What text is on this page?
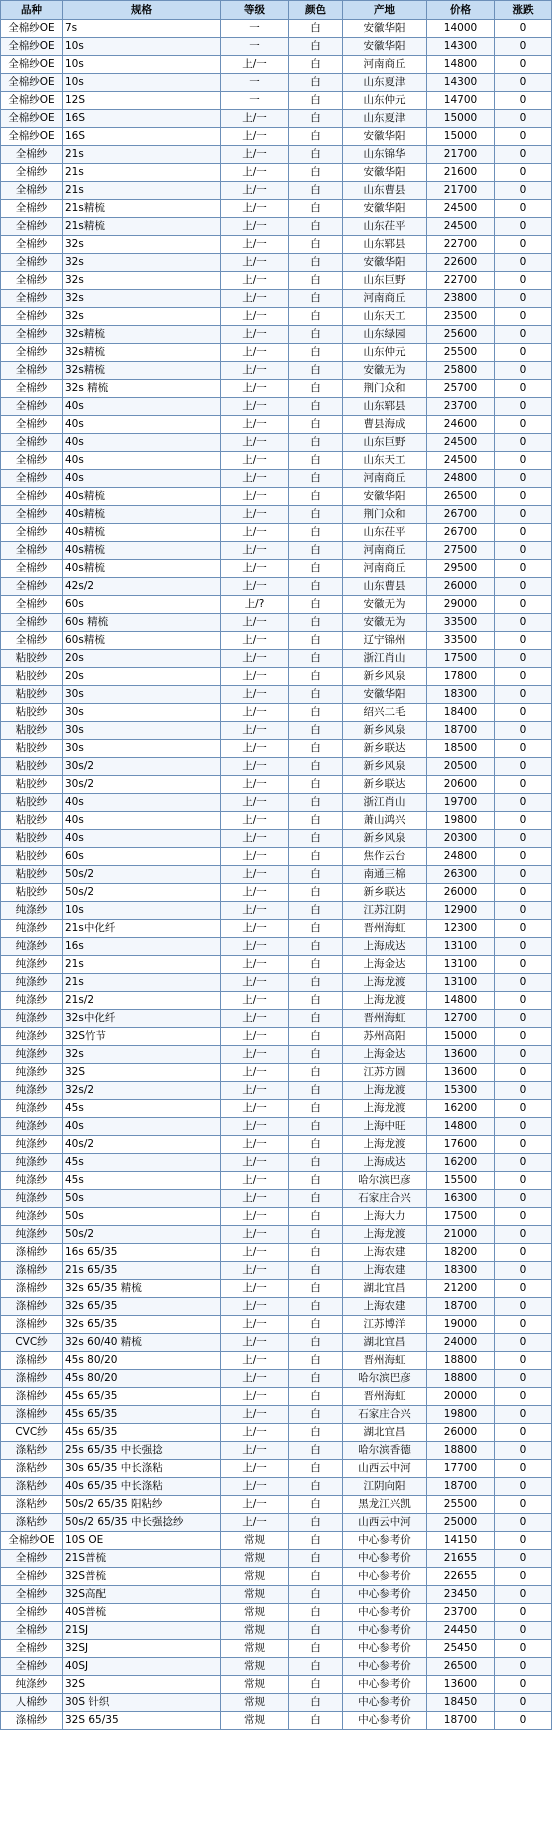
品种	规格	等级	颜色	产地	价格	涨跌
全棉纱OE	7s	一	白	安徽华阳	14000	0
全棉纱OE	10s	一	白	安徽华阳	14300	0
全棉纱OE	10s	上/一	白	河南商丘	14800	0
全棉纱OE	10s	一	白	山东夏津	14300	0
全棉纱OE	12S	一	白	山东仲元	14700	0
全棉纱OE	16S	上/一	白	山东夏津	15000	0
全棉纱OE	16S	上/一	白	安徽华阳	15000	0
全棉纱	21s	上/一	白	山东锦华	21700	0
全棉纱	21s	上/一	白	安徽华阳	21600	0
全棉纱	21s	上/一	白	山东曹县	21700	0
全棉纱	21s精梳	上/一	白	安徽华阳	24500	0
全棉纱	21s精梳	上/一	白	山东茌平	24500	0
全棉纱	32s	上/一	白	山东郓县	22700	0
全棉纱	32s	上/一	白	安徽华阳	22600	0
全棉纱	32s	上/一	白	山东巨野	22700	0
全棉纱	32s	上/一	白	河南商丘	23800	0
全棉纱	32s	上/一	白	山东天工	23500	0
全棉纱	32s精梳	上/一	白	山东绿园	25600	0
全棉纱	32s精梳	上/一	白	山东仲元	25500	0
全棉纱	32s精梳	上/一	白	安徽无为	25800	0
全棉纱	32s 精梳	上/一	白	荆门众和	25700	0
全棉纱	40s	上/一	白	山东郓县	23700	0
全棉纱	40s	上/一	白	曹县海成	24600	0
全棉纱	40s	上/一	白	山东巨野	24500	0
全棉纱	40s	上/一	白	山东天工	24500	0
全棉纱	40s	上/一	白	河南商丘	24800	0
全棉纱	40s精梳	上/一	白	安徽华阳	26500	0
全棉纱	40s精梳	上/一	白	荆门众和	26700	0
全棉纱	40s精梳	上/一	白	山东茌平	26700	0
全棉纱	40s精梳	上/一	白	河南商丘	27500	0
全棉纱	40s精梳	上/一	白	河南商丘	29500	0
全棉纱	42s/2	上/一	白	山东曹县	26000	0
全棉纱	60s	上/?	白	安徽无为	29000	0
全棉纱	60s 精梳	上/一	白	安徽无为	33500	0
全棉纱	60s精梳	上/一	白	辽宁锦州	33500	0
粘胶纱	20s	上/一	白	浙江肖山	17500	0
粘胶纱	20s	上/一	白	新乡风泉	17800	0
粘胶纱	30s	上/一	白	安徽华阳	18300	0
粘胶纱	30s	上/一	白	绍兴二毛	18400	0
粘胶纱	30s	上/一	白	新乡风泉	18700	0
粘胶纱	30s	上/一	白	新乡联达	18500	0
粘胶纱	30s/2	上/一	白	新乡风泉	20500	0
粘胶纱	30s/2	上/一	白	新乡联达	20600	0
粘胶纱	40s	上/一	白	浙江肖山	19700	0
粘胶纱	40s	上/一	白	萧山鸿兴	19800	0
粘胶纱	40s	上/一	白	新乡风泉	20300	0
粘胶纱	60s	上/一	白	焦作云台	24800	0
粘胶纱	50s/2	上/一	白	南通三棉	26300	0
粘胶纱	50s/2	上/一	白	新乡联达	26000	0
纯涤纱	10s	上/一	白	江苏江阴	12900	0
纯涤纱	21s中化纤	上/一	白	晋州海虹	12300	0
纯涤纱	16s	上/一	白	上海成达	13100	0
纯涤纱	21s	上/一	白	上海金达	13100	0
纯涤纱	21s	上/一	白	上海龙渡	13100	0
纯涤纱	21s/2	上/一	白	上海龙渡	14800	0
纯涤纱	32s中化纤	上/一	白	晋州海虹	12700	0
纯涤纱	32S竹节	上/一	白	苏州高阳	15000	0
纯涤纱	32s	上/一	白	上海金达	13600	0
纯涤纱	32S	上/一	白	江苏方圆	13600	0
纯涤纱	32s/2	上/一	白	上海龙渡	15300	0
纯涤纱	45s	上/一	白	上海龙渡	16200	0
纯涤纱	40s	上/一	白	上海中旺	14800	0
纯涤纱	40s/2	上/一	白	上海龙渡	17600	0
纯涤纱	45s	上/一	白	上海成达	16200	0
纯涤纱	45s	上/一	白	哈尔滨巴彦	15500	0
纯涤纱	50s	上/一	白	石家庄合兴	16300	0
纯涤纱	50s	上/一	白	上海大力	17500	0
纯涤纱	50s/2	上/一	白	上海龙渡	21000	0
涤棉纱	16s 65/35	上/一	白	上海农建	18200	0
涤棉纱	21s 65/35	上/一	白	上海农建	18300	0
涤棉纱	32s 65/35 精梳	上/一	白	湖北宜昌	21200	0
涤棉纱	32s 65/35	上/一	白	上海农建	18700	0
涤棉纱	32s 65/35	上/一	白	江苏博洋	19000	0
CVC纱	32s 60/40 精梳	上/一	白	湖北宜昌	24000	0
涤棉纱	45s 80/20	上/一	白	晋州海虹	18800	0
涤棉纱	45s 80/20	上/一	白	哈尔滨巴彦	18800	0
涤棉纱	45s 65/35	上/一	白	晋州海虹	20000	0
涤棉纱	45s 65/35	上/一	白	石家庄合兴	19800	0
CVC纱	45s 65/35	上/一	白	湖北宜昌	26000	0
涤粘纱	25s 65/35 中长强捻	上/一	白	哈尔滨香德	18800	0
涤粘纱	30s 65/35 中长涤粘	上/一	白	山西云中河	17700	0
涤粘纱	40s 65/35 中长涤粘	上/一	白	江阴向阳	18700	0
涤粘纱	50s/2 65/35 阳粘纱	上/一	白	黑龙江兴凯	25500	0
涤粘纱	50s/2 65/35 中长强捻纱	上/一	白	山西云中河	25000	0
全棉纱OE	10S OE	常规	白	中心参考价	14150	0
全棉纱	21S普梳	常规	白	中心参考价	21655	0
全棉纱	32S普梳	常规	白	中心参考价	22655	0
全棉纱	32S高配	常规	白	中心参考价	23450	0
全棉纱	40S普梳	常规	白	中心参考价	23700	0
全棉纱	21SJ	常规	白	中心参考价	24450	0
全棉纱	32SJ	常规	白	中心参考价	25450	0
全棉纱	40SJ	常规	白	中心参考价	26500	0
纯涤纱	32S	常规	白	中心参考价	13600	0
人棉纱	30S 针织	常规	白	中心参考价	18450	0
涤棉纱	32S 65/35	常规	白	中心参考价	18700	0
